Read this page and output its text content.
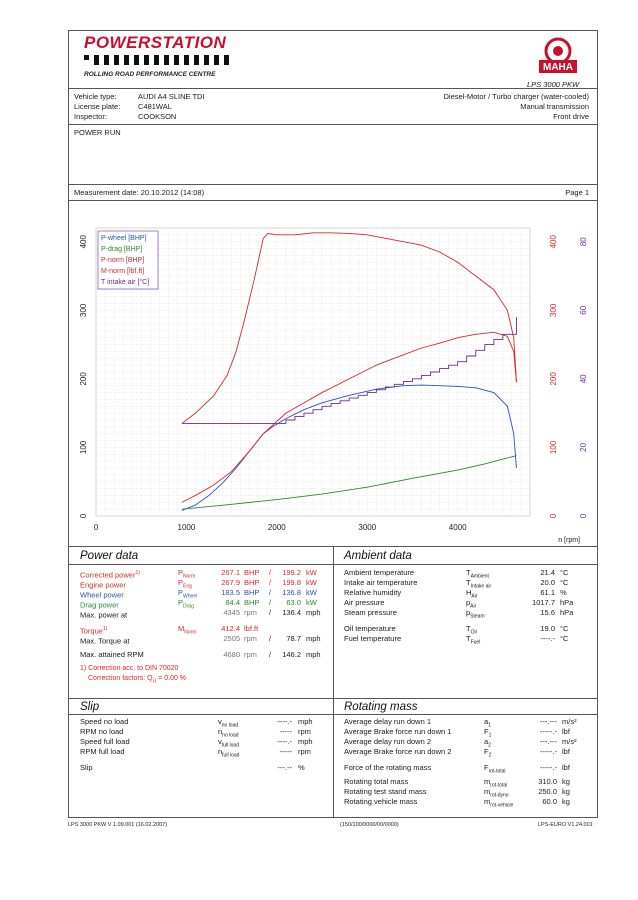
POWERSTATION
ROLLING ROAD PERFORMANCE CENTRE
MAHA
LPS 3000 PKW
Vehicle type:	AUDI A4 SLINE TDI
License plate: C481WAL
Inspector:	COOKSON
Diesel-Motor / Turbo charger (water-cooled)
Manual transmission
Front drive
POWER RUN
Measurement date: 20.10.2012 (14:08)	Page 1
0	1000	2000	3000	4000
n [rpm]
0
100
200
300
400
0
100
200
300
400
0
20
40
60
80
P-wheel [BHP]
P-drag [BHP]
P-norm [BHP]
M-norm [lbf.ft]
T intake air [°C]
Power data	Ambient data
Corrected power$^{1)}$	$P_{Norm}$	267.1 BHP / 199.2 kW
Engine power	$P_{Eng}$	267.9 BHP / 199.8 kW
Wheel power	$P_{Wheel}$	183.5 BHP / 136.8 kW
Drag power	$P_{Drag}$	84.4 BHP / 63.0 kW
Max. power at	4345 rpm / 136.4 mph
Torque$^{1)}$	$M_{Norm}$	412.4 lbf.ft
Max. Torque at	2505 rpm / 78.7 mph
Max. attained RPM	4680 rpm / 146.2 mph
1) Correction acc. to DIN 70020
Correction factors: $Q_U = 0.00$ %
Ambient temperature	$T_{Ambient}$	21.4 °C
Intake air temperature	$T_{Intake air}$	20.0 °C
Relative humidity	$H_{Air}$	61.1 %
Air pressure	$p_{Air}$	1017.7 hPa
Steam pressure	$p_{Steam}$	15.6 hPa
Oil temperature	$T_{Oil}$	19.0 °C
Fuel temperature	$T_{Fuel}$	----.- °C
Slip	Rotating mass
Speed no load	$v_{no load}$	----.- mph
RPM no load	$n_{no load}$	----- rpm
Speed full load	$v_{full load}$	----.- mph
RPM full load	$n_{full load}$	----- rpm
Slip	---.-- %
Average delay run down 1	$a_1$	---.--- m/s²
Average Brake force run down 1	$F_1$	-----.- lbf
Average delay run down 2	$a_2$	---.--- m/s²
Average Brake force run down 2	$F_2$	-----.- lbf
Force of the rotating mass	$F_{rot-total}$	-----.- lbf
Rotating total mass	$m_{rot-total}$	310.0 kg
Rotating test stand mass	$m_{rot-dyno}$	250.0 kg
Rotating vehicle mass	$m_{rot-vehicle}$	60.0 kg
LPS 3000 PKW V 1.09.001 (16.02.2007)	(150/100/0000/00/0000)	LPS-EURO V1.24.001
